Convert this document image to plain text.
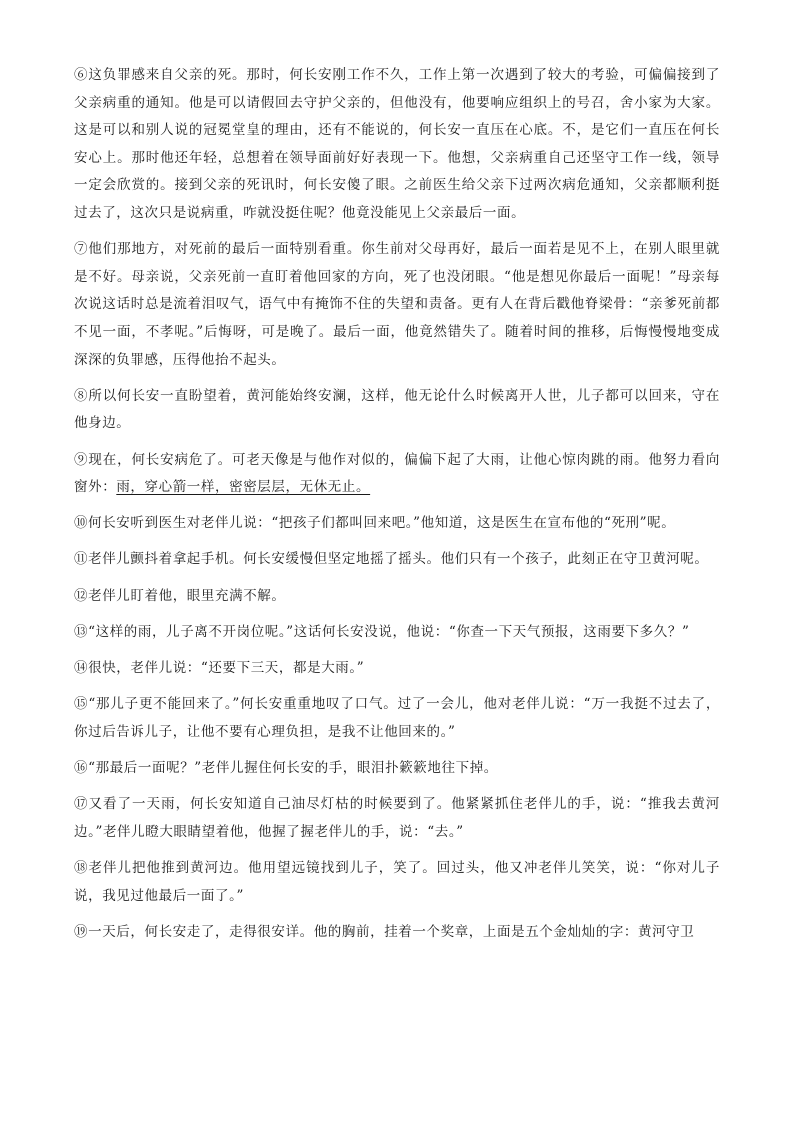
⑥这负罪感来自父亲的死。那时，何长安刚工作不久，工作上第一次遇到了较大的考验，可偏偏接到了父亲病重的通知。他是可以请假回去守护父亲的，但他没有，他要响应组织上的号召，舍小家为大家。这是可以和别人说的冠冕堂皇的理由，还有不能说的，何长安一直压在心底。不，是它们一直压在何长安心上。那时他还年轻，总想着在领导面前好好表现一下。他想，父亲病重自己还坚守工作一线，领导一定会欣赏的。接到父亲的死讯时，何长安傻了眼。之前医生给父亲下过两次病危通知，父亲都顺利挺过去了，这次只是说病重，咋就没挺住呢？他竟没能见上父亲最后一面。

⑦他们那地方，对死前的最后一面特别看重。你生前对父母再好，最后一面若是见不上，在别人眼里就是不好。母亲说，父亲死前一直盯着他回家的方向，死了也没闭眼。“他是想见你最后一面呢！”母亲每次说这话时总是流着泪叹气，语气中有掩饰不住的失望和责备。更有人在背后戳他脊梁骨：“亲爹死前都不见一面，不孝呢。”后悔呀，可是晚了。最后一面，他竟然错失了。随着时间的推移，后悔慢慢地变成深深的负罪感，压得他抬不起头。

⑧所以何长安一直盼望着，黄河能始终安澜，这样，他无论什么时候离开人世，儿子都可以回来，守在他身边。

⑨现在，何长安病危了。可老天像是与他作对似的，偏偏下起了大雨，让他心惊肉跳的雨。他努力看向窗外：雨，穿心箭一样，密密层层，无休无止。

⑩何长安听到医生对老伴儿说：“把孩子们都叫回来吧。”他知道，这是医生在宣布他的“死刑”呢。

⑪老伴儿颤抖着拿起手机。何长安缓慢但坚定地摇了摇头。他们只有一个孩子，此刻正在守卫黄河呢。

⑫老伴儿盯着他，眼里充满不解。

⑬“这样的雨，儿子离不开岗位呢。”这话何长安没说，他说：“你查一下天气预报，这雨要下多久？”

⑭很快，老伴儿说：“还要下三天，都是大雨。”

⑮“那儿子更不能回来了。”何长安重重地叹了口气。过了一会儿，他对老伴儿说：“万一我挺不过去了，你过后告诉儿子，让他不要有心理负担，是我不让他回来的。”

⑯“那最后一面呢？”老伴儿握住何长安的手，眼泪扑簌簌地往下掉。

⑰又看了一天雨，何长安知道自己油尽灯枯的时候要到了。他紧紧抓住老伴儿的手，说：“推我去黄河边。”老伴儿瞪大眼睛望着他，他握了握老伴儿的手，说：“去。”

⑱老伴儿把他推到黄河边。他用望远镜找到儿子，笑了。回过头，他又冲老伴儿笑笑，说：“你对儿子说，我见过他最后一面了。”

⑲一天后，何长安走了，走得很安详。他的胸前，挂着一个奖章，上面是五个金灿灿的字：黄河守卫
